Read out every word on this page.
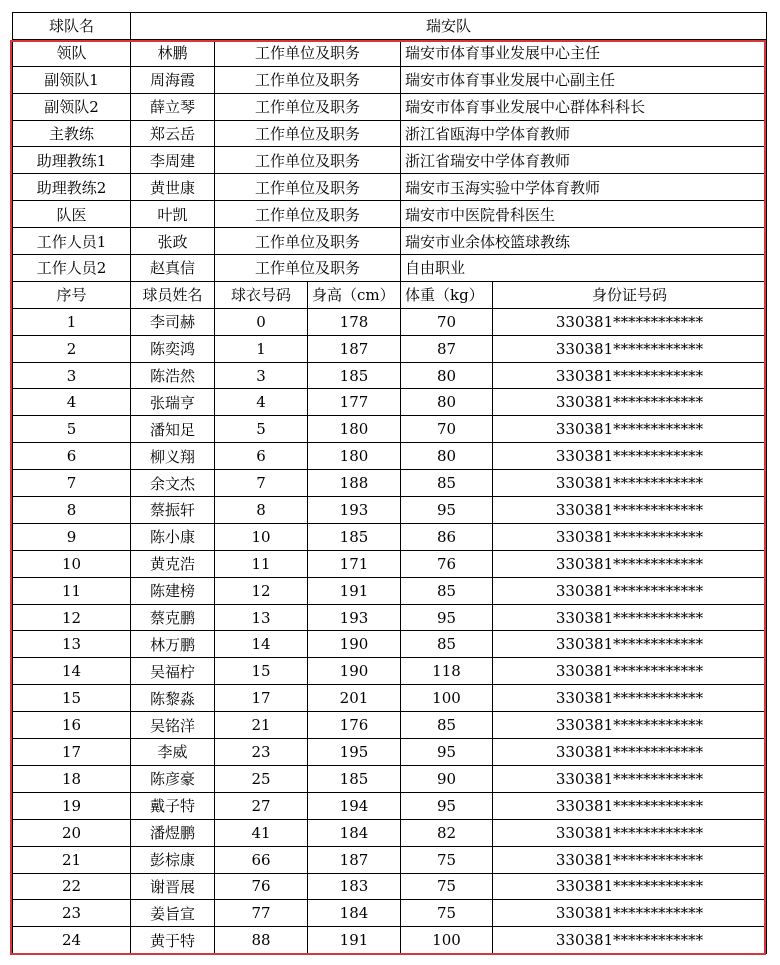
球队名	瑞安队				
领队	林鹏	工作单位及职务		瑞安市体育事业发展中心主任	
副领队1	周海霞	工作单位及职务		瑞安市体育事业发展中心副主任	
副领队2	薛立琴	工作单位及职务		瑞安市体育事业发展中心群体科科长	
主教练	郑云岳	工作单位及职务		浙江省瓯海中学体育教师	
助理教练1	李周建	工作单位及职务		浙江省瑞安中学体育教师	
助理教练2	黄世康	工作单位及职务		瑞安市玉海实验中学体育教师	
队医	叶凯	工作单位及职务		瑞安市中医院骨科医生	
工作人员1	张政	工作单位及职务		瑞安市业余体校篮球教练	
工作人员2	赵真信	工作单位及职务		自由职业	
序号	球员姓名	球衣号码	身高（cm）	体重（kg）	身份证号码
1	李司赫	0	178	70	330381************
2	陈奕鸿	1	187	87	330381************
3	陈浩然	3	185	80	330381************
4	张瑞亨	4	177	80	330381************
5	潘知足	5	180	70	330381************
6	柳义翔	6	180	80	330381************
7	余文杰	7	188	85	330381************
8	蔡振轩	8	193	95	330381************
9	陈小康	10	185	86	330381************
10	黄克浩	11	171	76	330381************
11	陈建榜	12	191	85	330381************
12	蔡克鹏	13	193	95	330381************
13	林万鹏	14	190	85	330381************
14	吴福柠	15	190	118	330381************
15	陈黎淼	17	201	100	330381************
16	吴铭洋	21	176	85	330381************
17	李威	23	195	95	330381************
18	陈彦豪	25	185	90	330381************
19	戴子特	27	194	95	330381************
20	潘煜鹏	41	184	82	330381************
21	彭棕康	66	187	75	330381************
22	谢晋展	76	183	75	330381************
23	姜旨宣	77	184	75	330381************
24	黄于特	88	191	100	330381************
